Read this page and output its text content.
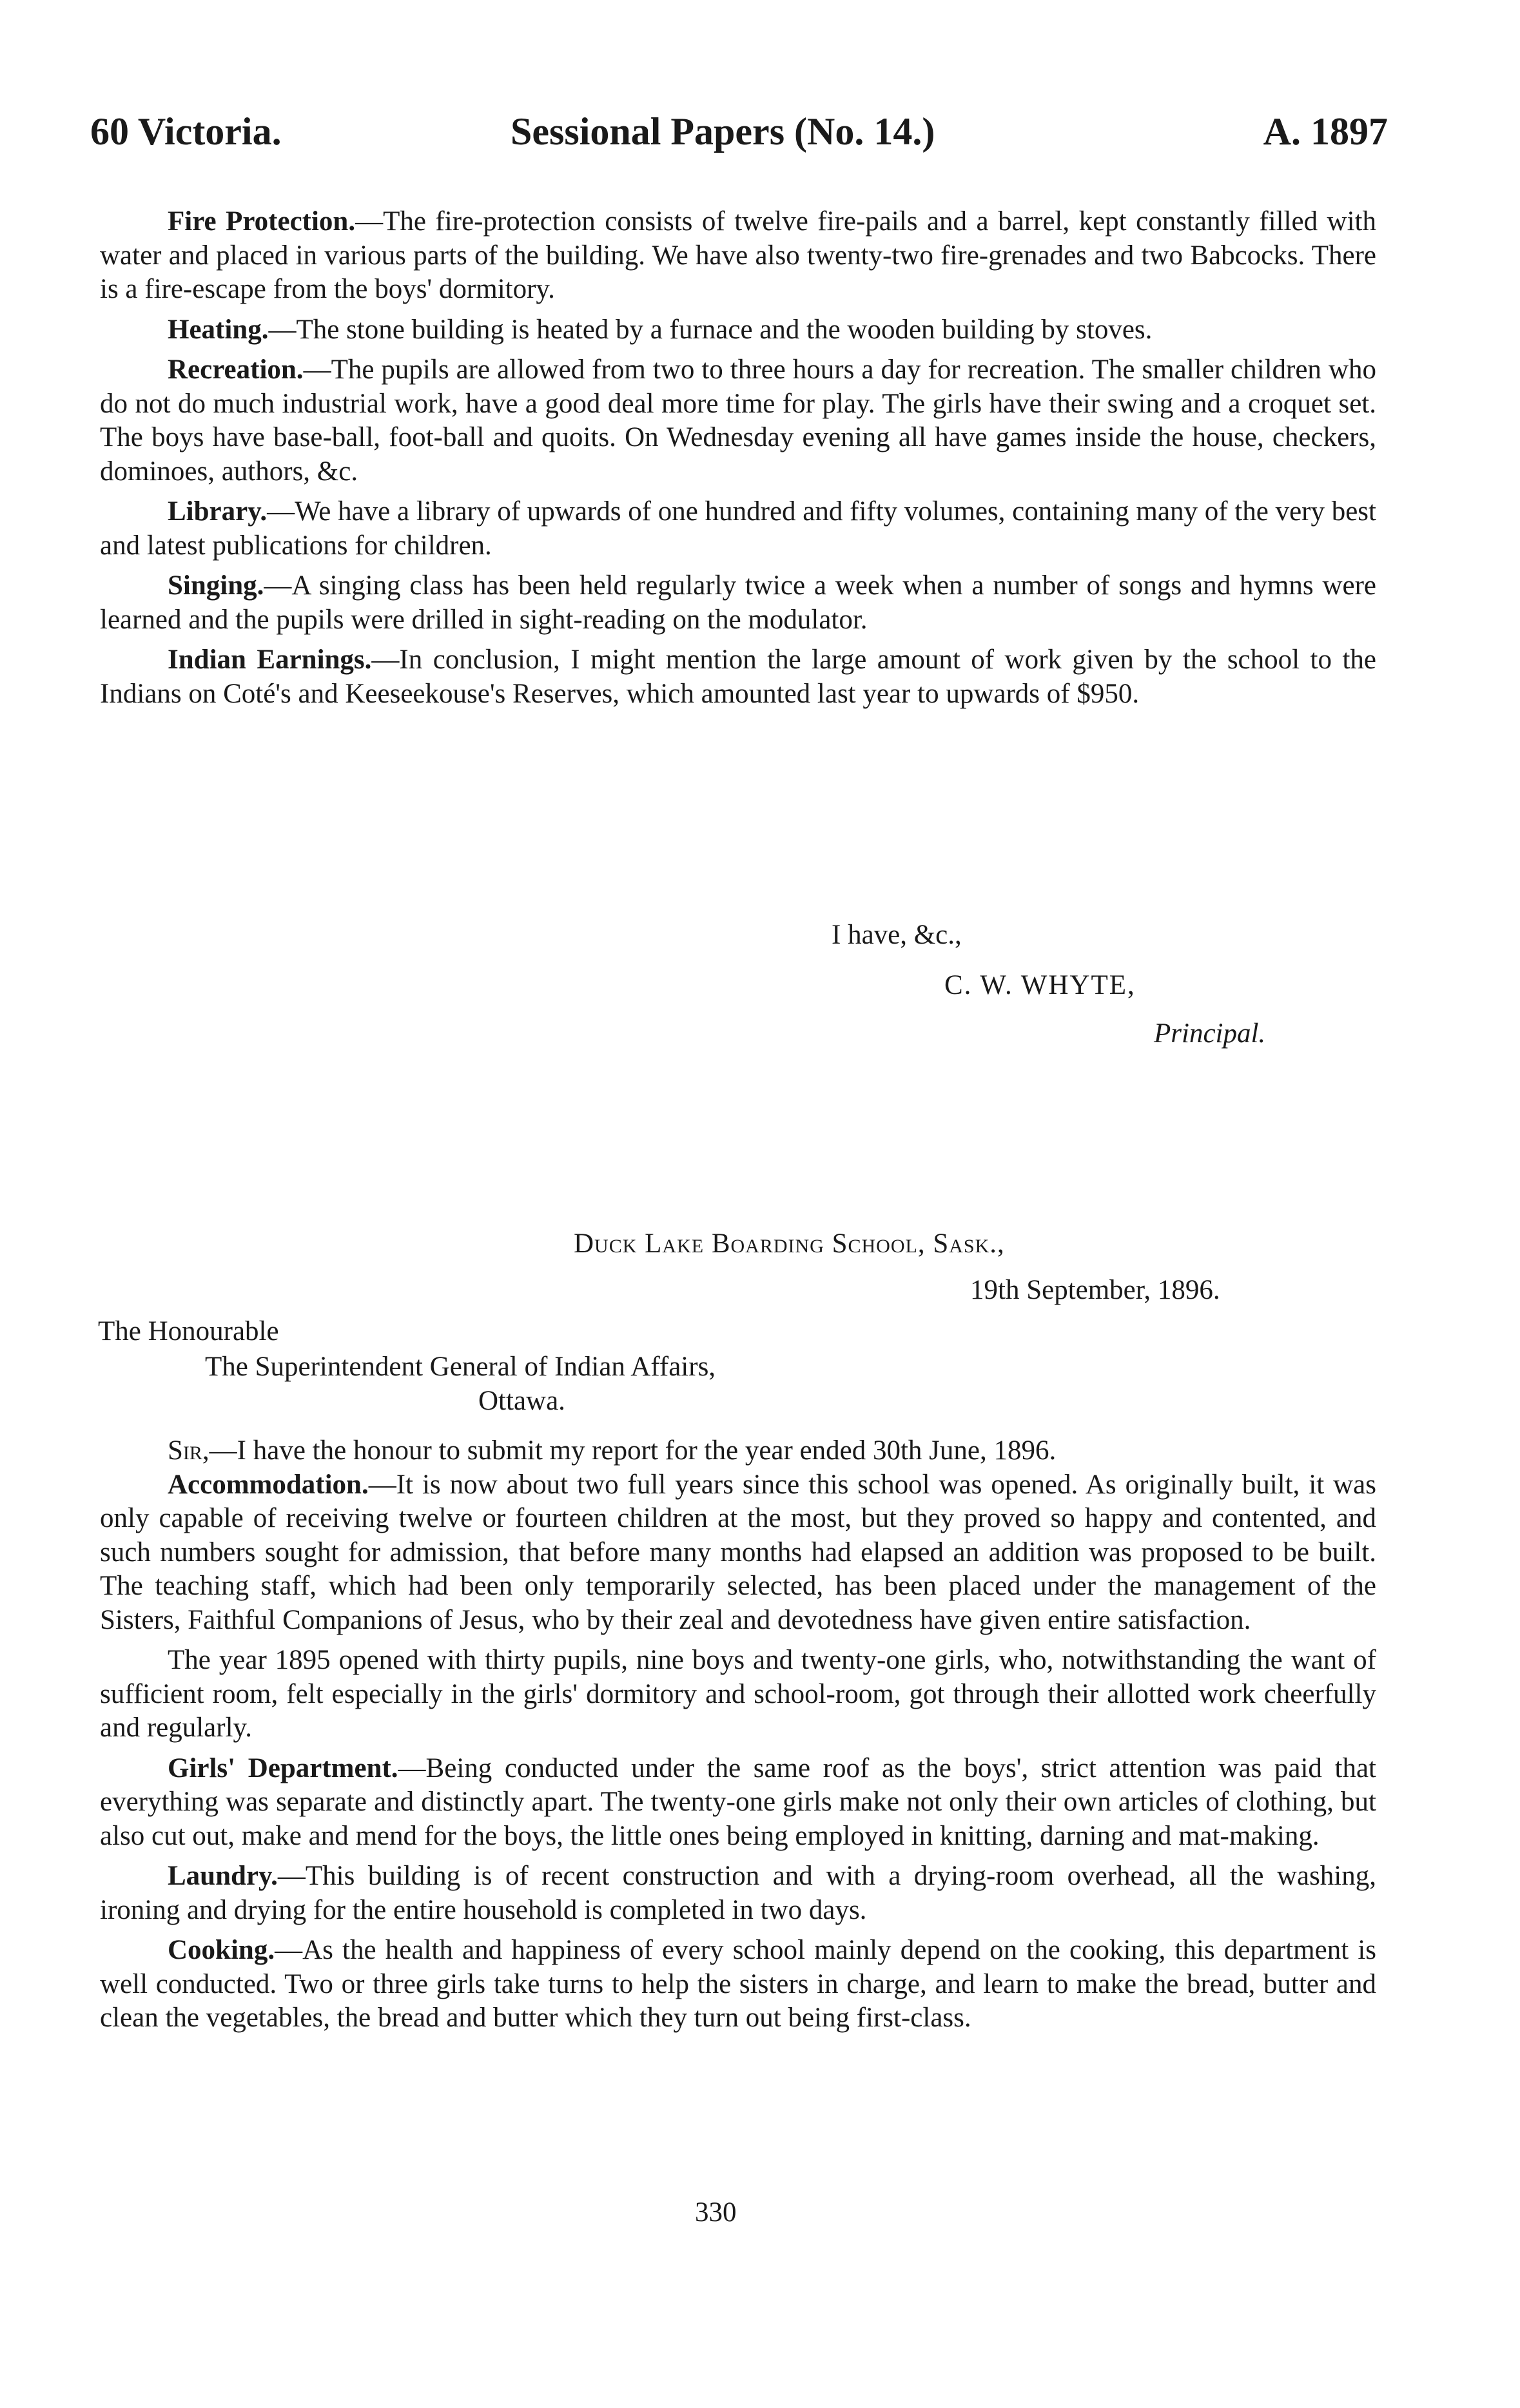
60 Victoria.	Sessional Papers (No. 14.)	A. 1897

Fire Protection.—The fire-protection consists of twelve fire-pails and a barrel, kept constantly filled with water and placed in various parts of the building. We have also twenty-two fire-grenades and two Babcocks. There is a fire-escape from the boys' dormitory.

Heating.—The stone building is heated by a furnace and the wooden building by stoves.

Recreation.—The pupils are allowed from two to three hours a day for recreation. The smaller children who do not do much industrial work, have a good deal more time for play. The girls have their swing and a croquet set. The boys have base-ball, foot-ball and quoits. On Wednesday evening all have games inside the house, checkers, dominoes, authors, &c.

Library.—We have a library of upwards of one hundred and fifty volumes, containing many of the very best and latest publications for children.

Singing.—A singing class has been held regularly twice a week when a number of songs and hymns were learned and the pupils were drilled in sight-reading on the modulator.

Indian Earnings.—In conclusion, I might mention the large amount of work given by the school to the Indians on Coté's and Keeseekouse's Reserves, which amounted last year to upwards of $950.

I have, &c.,
C. W. WHYTE,
Principal.
Duck Lake Boarding School, Sask.,
19th September, 1896.
The Honourable
The Superintendent General of Indian Affairs,
Ottawa.

Sir,—I have the honour to submit my report for the year ended 30th June, 1896.

Accommodation.—It is now about two full years since this school was opened. As originally built, it was only capable of receiving twelve or fourteen children at the most, but they proved so happy and contented, and such numbers sought for admission, that before many months had elapsed an addition was proposed to be built. The teaching staff, which had been only temporarily selected, has been placed under the management of the Sisters, Faithful Companions of Jesus, who by their zeal and devotedness have given entire satisfaction.

The year 1895 opened with thirty pupils, nine boys and twenty-one girls, who, notwithstanding the want of sufficient room, felt especially in the girls' dormitory and school-room, got through their allotted work cheerfully and regularly.

Girls' Department.—Being conducted under the same roof as the boys', strict attention was paid that everything was separate and distinctly apart. The twenty-one girls make not only their own articles of clothing, but also cut out, make and mend for the boys, the little ones being employed in knitting, darning and mat-making.

Laundry.—This building is of recent construction and with a drying-room overhead, all the washing, ironing and drying for the entire household is completed in two days.

Cooking.—As the health and happiness of every school mainly depend on the cooking, this department is well conducted. Two or three girls take turns to help the sisters in charge, and learn to make the bread, butter and clean the vegetables, the bread and butter which they turn out being first-class.

330
